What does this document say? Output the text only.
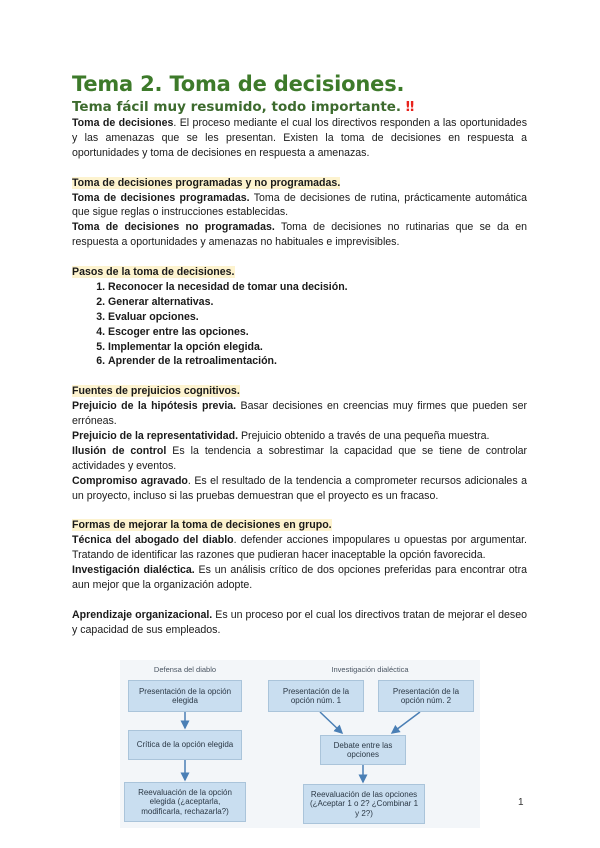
Tema 2. Toma de decisiones.
Tema fácil muy resumido, todo importante. ‼

Toma de decisiones. El proceso mediante el cual los directivos responden a las oportunidades y las amenazas que se les presentan. Existen la toma de decisiones en respuesta a oportunidades y toma de decisiones en respuesta a amenazas.

Toma de decisiones programadas y no programadas.

Toma de decisiones programadas. Toma de decisiones de rutina, prácticamente automática que sigue reglas o instrucciones establecidas.

Toma de decisiones no programadas. Toma de decisiones no rutinarias que se da en respuesta a oportunidades y amenazas no habituales e imprevisibles.

Pasos de la toma de decisiones.

1. Reconocer la necesidad de tomar una decisión.
2. Generar alternativas.
3. Evaluar opciones.
4. Escoger entre las opciones.
5. Implementar la opción elegida.
6. Aprender de la retroalimentación.

Fuentes de prejuicios cognitivos.

Prejuicio de la hipótesis previa. Basar decisiones en creencias muy firmes que pueden ser erróneas.

Prejuicio de la representatividad. Prejuicio obtenido a través de una pequeña muestra.

Ilusión de control Es la tendencia a sobrestimar la capacidad que se tiene de controlar actividades y eventos.

Compromiso agravado. Es el resultado de la tendencia a comprometer recursos adicionales a un proyecto, incluso si las pruebas demuestran que el proyecto es un fracaso.

Formas de mejorar la toma de decisiones en grupo.

Técnica del abogado del diablo. defender acciones impopulares u opuestas por argumentar. Tratando de identificar las razones que pudieran hacer inaceptable la opción favorecida.

Investigación dialéctica. Es un análisis crítico de dos opciones preferidas para encontrar otra aun mejor que la organización adopte.

Aprendizaje organizacional. Es un proceso por el cual los directivos tratan de mejorar el deseo y capacidad de sus empleados.

Defensa del diablo	Investigación dialéctica
Presentación de la opción elegida
Crítica de la opción elegida
Reevaluación de la opción elegida (¿aceptarla, modificarla, rechazarla?)
Presentación de la opción núm. 1
Presentación de la opción núm. 2
Debate entre las opciones
Reevaluación de las opciones (¿Aceptar 1 o 2? ¿Combinar 1 y 2?)
1
